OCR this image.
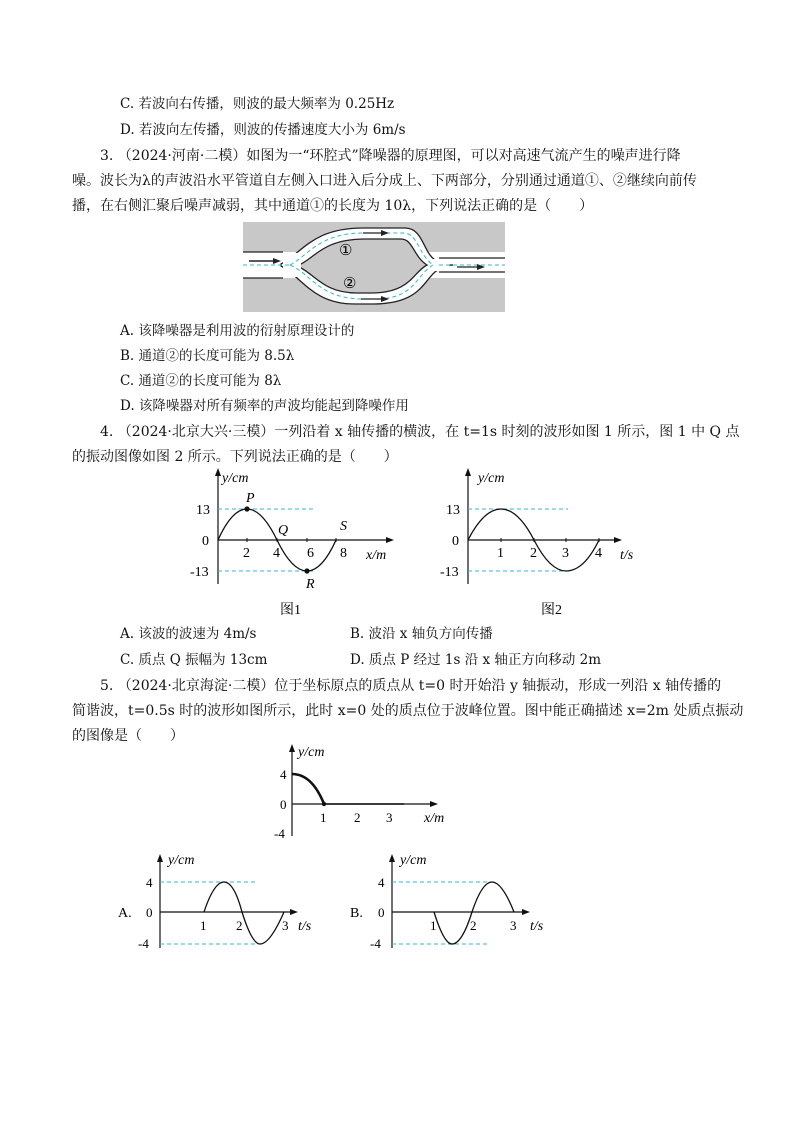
C. 若波向右传播，则波的最大频率为 0.25Hz
D. 若波向左传播，则波的传播速度大小为 6m/s
3. （2024·河南·二模）如图为一“环腔式”降噪器的原理图，可以对高速气流产生的噪声进行降
噪。波长为λ的声波沿水平管道自左侧入口进入后分成上、下两部分，分别通过通道①、②继续向前传
播，在右侧汇聚后噪声减弱，其中通道①的长度为 10λ，下列说法正确的是（　　）
①
②
A. 该降噪器是利用波的衍射原理设计的
B. 通道②的长度可能为 8.5λ
C. 通道②的长度可能为 8λ
D. 该降噪器对所有频率的声波均能起到降噪作用
4. （2024·北京大兴·三模）一列沿着 x 轴传播的横波，在 t=1s 时刻的波形如图 1 所示，图 1 中 Q 点
的振动图像如图 2 所示。下列说法正确的是（　　）
y/cm
x/m
13
0
-13
2 4 6 8
P
Q
R
S
图1
y/cm
t/s
13
0
-13
1 2 3 4
图2
A. 该波的波速为 4m/s	B. 波沿 x 轴负方向传播
C. 质点 Q 振幅为 13cm	D. 质点 P 经过 1s 沿 x 轴正方向移动 2m
5. （2024·北京海淀·二模）位于坐标原点的质点从 t=0 时开始沿 y 轴振动，形成一列沿 x 轴传播的
简谐波，t=0.5s 时的波形如图所示，此时 x=0 处的质点位于波峰位置。图中能正确描述 x=2m 处质点振动
的图像是（　　）
y/cm
x/m
4
0
-4
1 2 3
A.
y/cm
t/s
4
0
-4
1 2	3
B.
y/cm
t/s
4
0
-4
1	2	3
